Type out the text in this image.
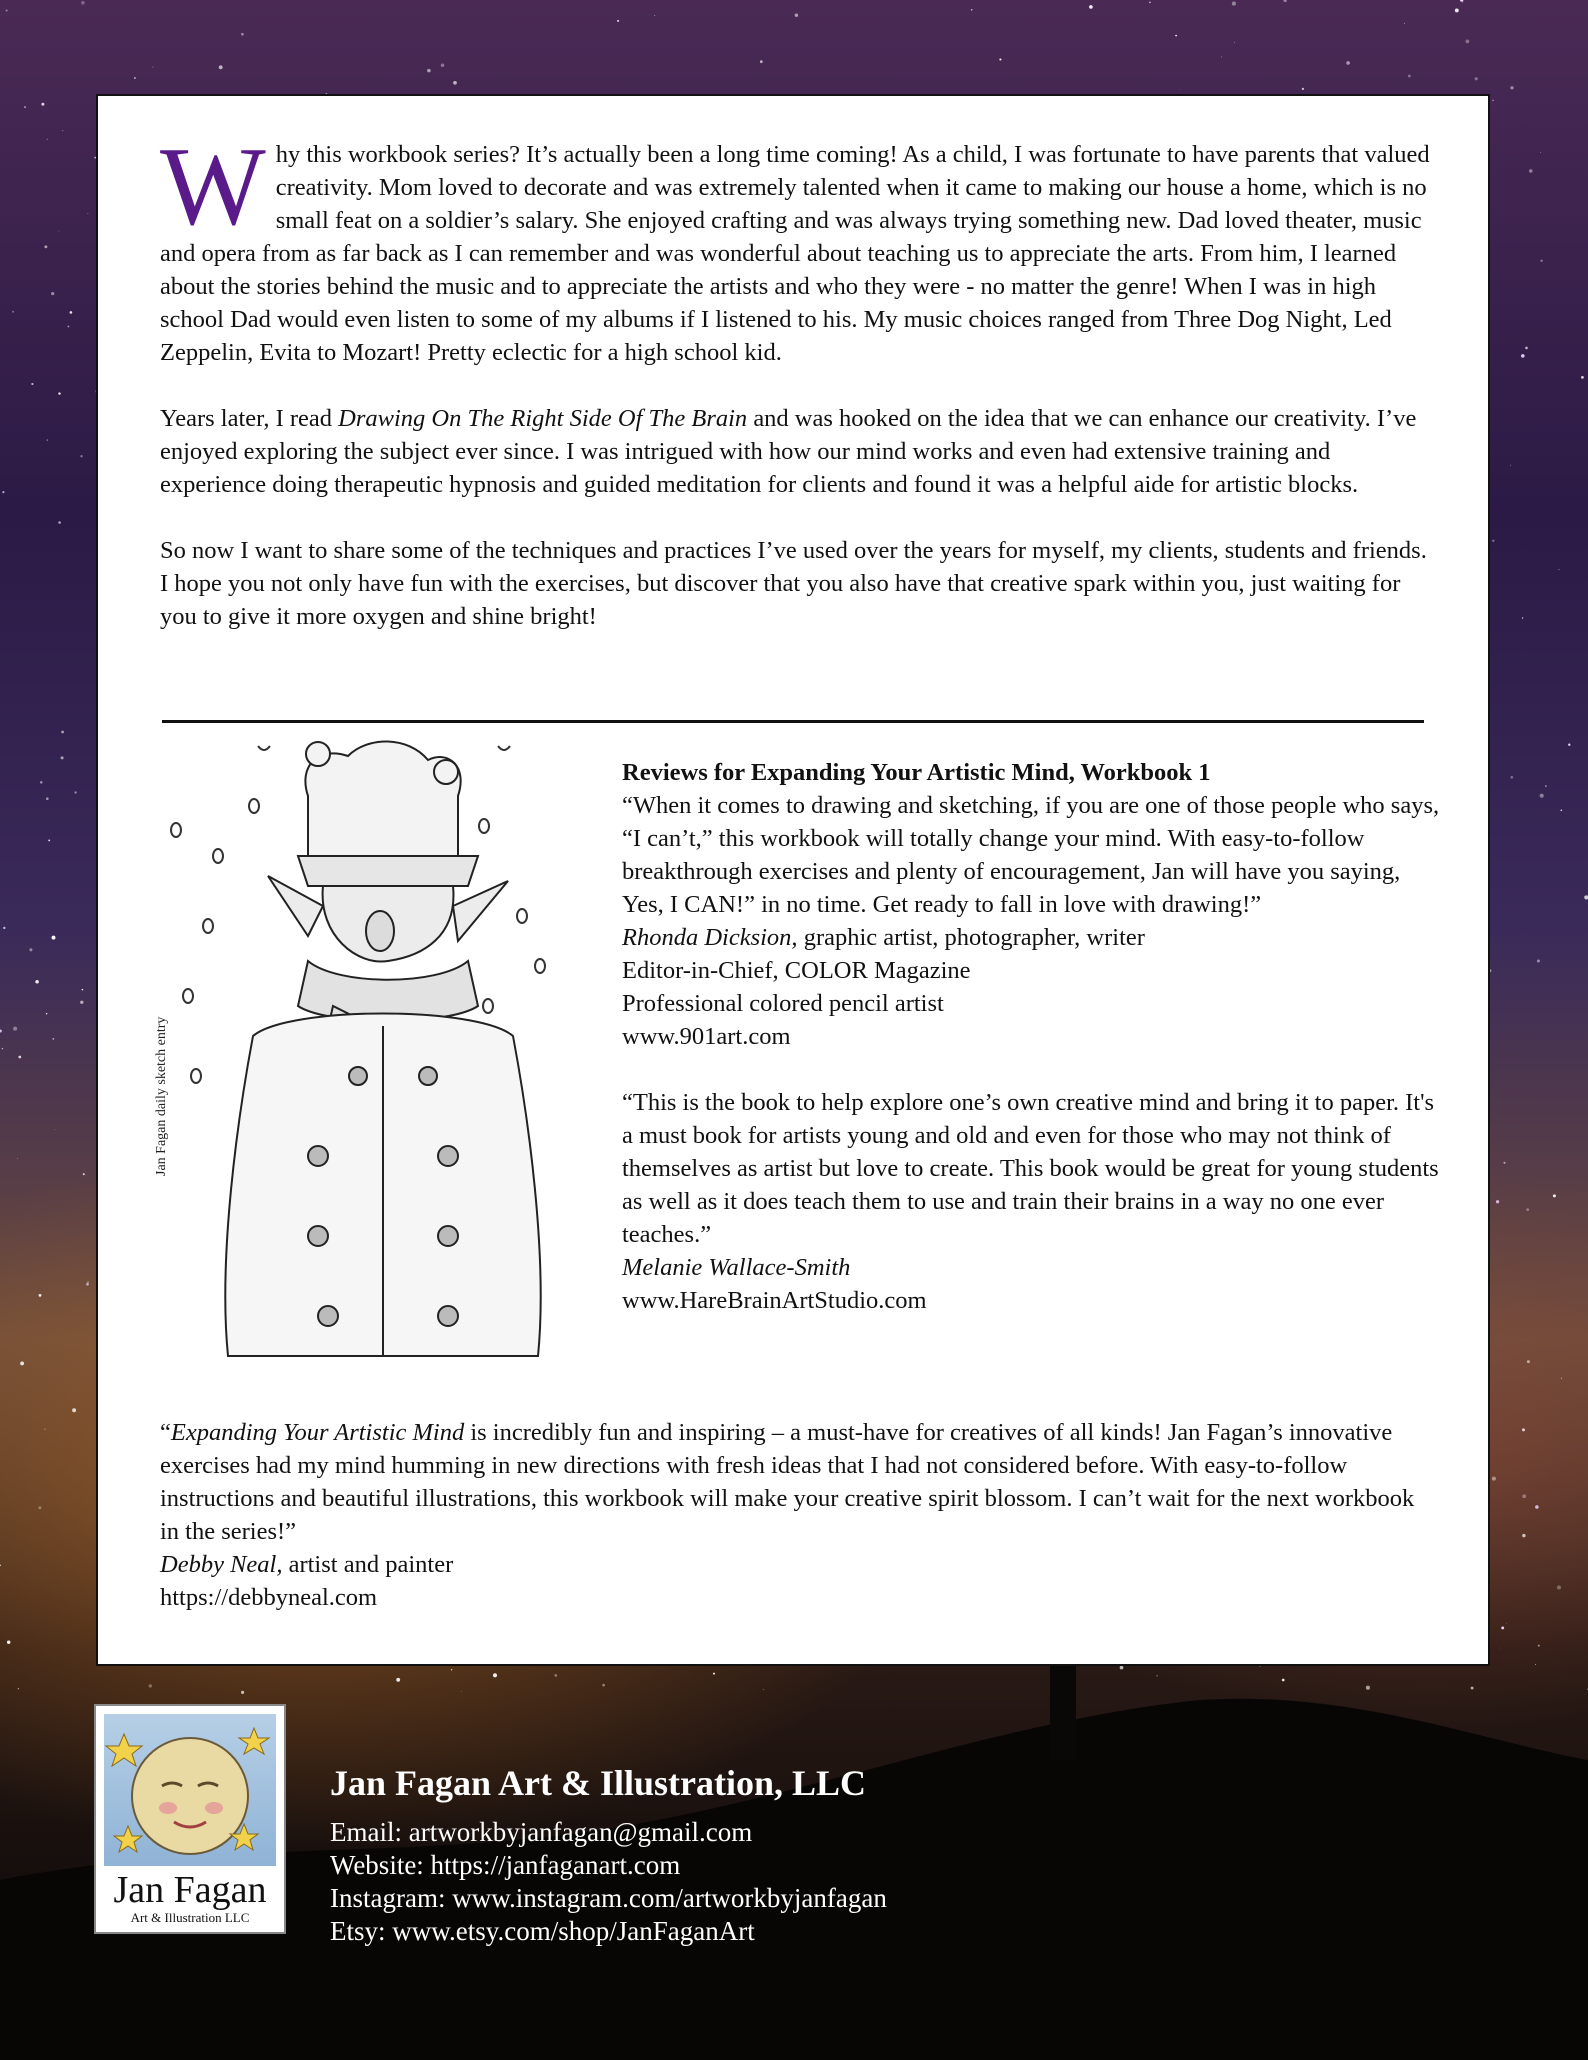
Why this workbook series? It’s actually been a long time coming! As a child, I was fortunate to have parents that valued creativity. Mom loved to decorate and was extremely talented when it came to making our house a home, which is no small feat on a soldier’s salary. She enjoyed crafting and was always trying something new. Dad loved theater, music and opera from as far back as I can remember and was wonderful about teaching us to appreciate the arts. From him, I learned about the stories behind the music and to appreciate the artists and who they were - no matter the genre! When I was in high school Dad would even listen to some of my albums if I listened to his. My music choices ranged from Three Dog Night, Led Zeppelin, Evita to Mozart! Pretty eclectic for a high school kid.

Years later, I read Drawing On The Right Side Of The Brain and was hooked on the idea that we can enhance our creativity. I’ve enjoyed exploring the subject ever since. I was intrigued with how our mind works and even had extensive training and experience doing therapeutic hypnosis and guided meditation for clients and found it was a helpful aide for artistic blocks.

So now I want to share some of the techniques and practices I’ve used over the years for myself, my clients, students and friends. I hope you not only have fun with the exercises, but discover that you also have that creative spark within you, just waiting for you to give it more oxygen and shine bright!

Jan Fagan daily sketch entry
Reviews for Expanding Your Artistic Mind, Workbook 1
“When it comes to drawing and sketching, if you are one of those people who says, “I can’t,” this workbook will totally change your mind. With easy-to-follow breakthrough exercises and plenty of encouragement, Jan will have you saying, Yes, I CAN!” in no time. Get ready to fall in love with drawing!”
Rhonda Dicksion, graphic artist, photographer, writer
Editor-in-Chief, COLOR Magazine
Professional colored pencil artist
www.901art.com
“This is the book to help explore one’s own creative mind and bring it to paper. It's a must book for artists young and old and even for those who may not think of themselves as artist but love to create. This book would be great for young students as well as it does teach them to use and train their brains in a way no one ever teaches.”
Melanie Wallace-Smith
www.HareBrainArtStudio.com
“Expanding Your Artistic Mind is incredibly fun and inspiring – a must-have for creatives of all kinds! Jan Fagan’s innovative exercises had my mind humming in new directions with fresh ideas that I had not considered before. With easy-to-follow instructions and beautiful illustrations, this workbook will make your creative spirit blossom. I can’t wait for the next workbook in the series!”
Debby Neal, artist and painter
https://debbyneal.com
Jan Fagan
Art & Illustration LLC
Jan Fagan Art & Illustration, LLC
Email: artworkbyjanfagan@gmail.com
Website: https://janfaganart.com
Instagram: www.instagram.com/artworkbyjanfagan
Etsy: www.etsy.com/shop/JanFaganArt
